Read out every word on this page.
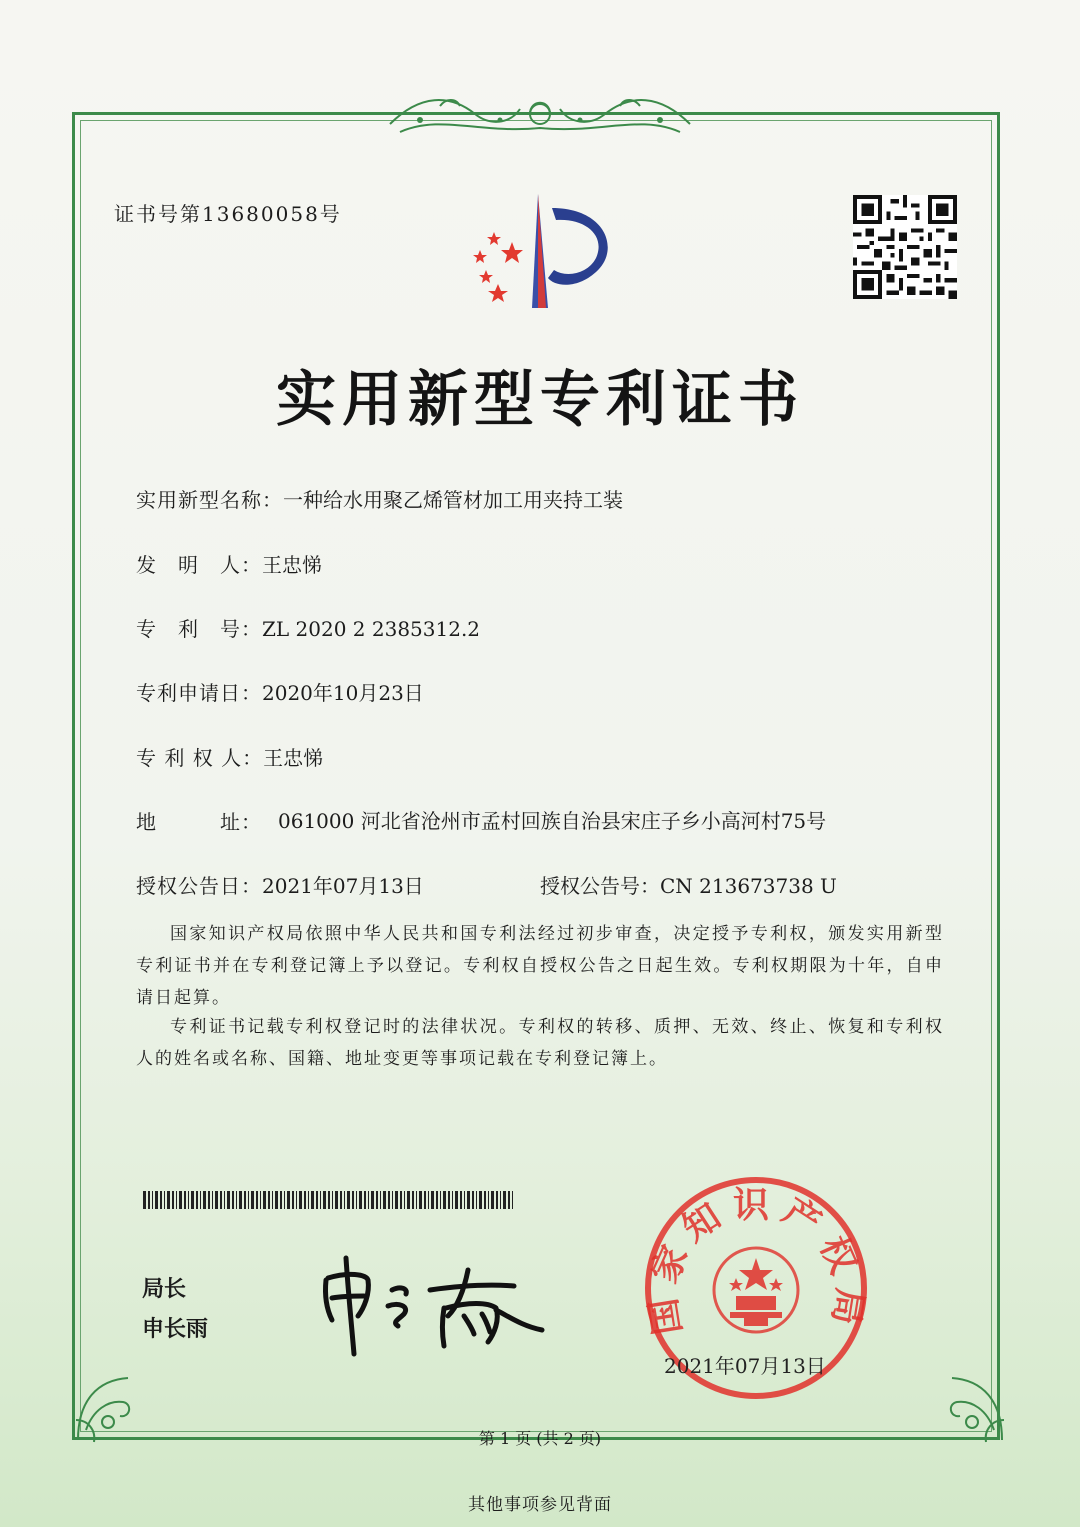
证书号第13680058号
实用新型专利证书
实用新型名称：一种给水用聚乙烯管材加工用夹持工装
发　明　人：王忠悌
专　利　号：ZL 2020 2 2385312.2
专利申请日：2020年10月23日
专 利 权 人：王忠悌
地　　　址： 061000 河北省沧州市孟村回族自治县宋庄子乡小高河村75号
授权公告日：2021年07月13日	授权公告号：CN 213673738 U
国家知识产权局依照中华人民共和国专利法经过初步审查，决定授予专利权，颁发实用新型专利证书并在专利登记簿上予以登记。专利权自授权公告之日起生效。专利权期限为十年，自申请日起算。
专利证书记载专利权登记时的法律状况。专利权的转移、质押、无效、终止、恢复和专利权人的姓名或名称、国籍、地址变更等事项记载在专利登记簿上。
局长
申长雨	国家知识产权局
2021年07月13日
第 1 页 (共 2 页)
其他事项参见背面
